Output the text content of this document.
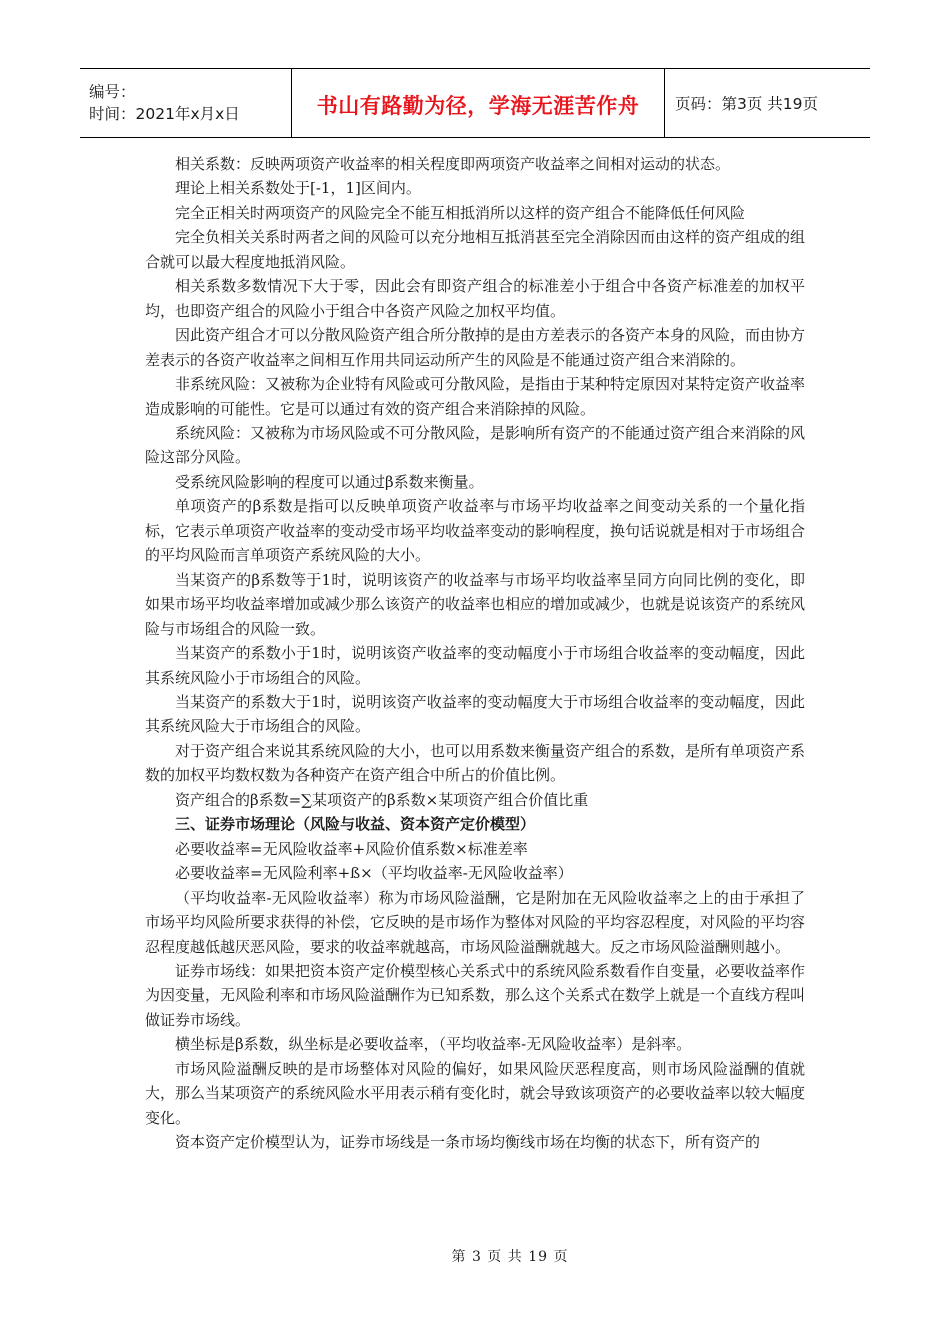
编号：
时间：2021年x月x日	书山有路勤为径，学海无涯苦作舟	页码：第3页 共19页

相关系数：反映两项资产收益率的相关程度即两项资产收益率之间相对运动的状态。

理论上相关系数处于[-1，1]区间内。

完全正相关时两项资产的风险完全不能互相抵消所以这样的资产组合不能降低任何风险

完全负相关关系时两者之间的风险可以充分地相互抵消甚至完全消除因而由这样的资产组成的组合就可以最大程度地抵消风险。

相关系数多数情况下大于零，因此会有即资产组合的标准差小于组合中各资产标准差的加权平均，也即资产组合的风险小于组合中各资产风险之加权平均值。

因此资产组合才可以分散风险资产组合所分散掉的是由方差表示的各资产本身的风险，而由协方差表示的各资产收益率之间相互作用共同运动所产生的风险是不能通过资产组合来消除的。

非系统风险：又被称为企业特有风险或可分散风险，是指由于某种特定原因对某特定资产收益率造成影响的可能性。它是可以通过有效的资产组合来消除掉的风险。

系统风险：又被称为市场风险或不可分散风险，是影响所有资产的不能通过资产组合来消除的风险这部分风险。

受系统风险影响的程度可以通过β系数来衡量。

单项资产的β系数是指可以反映单项资产收益率与市场平均收益率之间变动关系的一个量化指标，它表示单项资产收益率的变动受市场平均收益率变动的影响程度，换句话说就是相对于市场组合的平均风险而言单项资产系统风险的大小。

当某资产的β系数等于1时，说明该资产的收益率与市场平均收益率呈同方向同比例的变化，即如果市场平均收益率增加或减少那么该资产的收益率也相应的增加或减少，也就是说该资产的系统风险与市场组合的风险一致。

当某资产的系数小于1时，说明该资产收益率的变动幅度小于市场组合收益率的变动幅度，因此其系统风险小于市场组合的风险。

当某资产的系数大于1时，说明该资产收益率的变动幅度大于市场组合收益率的变动幅度，因此其系统风险大于市场组合的风险。

对于资产组合来说其系统风险的大小，也可以用系数来衡量资产组合的系数，是所有单项资产系数的加权平均数权数为各种资产在资产组合中所占的价值比例。

资产组合的β系数=∑某项资产的β系数×某项资产组合价值比重

三、证券市场理论（风险与收益、资本资产定价模型）

必要收益率=无风险收益率+风险价值系数×标准差率

必要收益率=无风险利率+ß×（平均收益率-无风险收益率）

（平均收益率-无风险收益率）称为市场风险溢酬，它是附加在无风险收益率之上的由于承担了市场平均风险所要求获得的补偿，它反映的是市场作为整体对风险的平均容忍程度，对风险的平均容忍程度越低越厌恶风险，要求的收益率就越高，市场风险溢酬就越大。反之市场风险溢酬则越小。

证券市场线：如果把资本资产定价模型核心关系式中的系统风险系数看作自变量，必要收益率作为因变量，无风险利率和市场风险溢酬作为已知系数，那么这个关系式在数学上就是一个直线方程叫做证券市场线。

横坐标是β系数，纵坐标是必要收益率，（平均收益率-无风险收益率）是斜率。

市场风险溢酬反映的是市场整体对风险的偏好，如果风险厌恶程度高，则市场风险溢酬的值就大，那么当某项资产的系统风险水平用表示稍有变化时，就会导致该项资产的必要收益率以较大幅度变化。

资本资产定价模型认为，证券市场线是一条市场均衡线市场在均衡的状态下，所有资产的

第 3 页 共 19 页
